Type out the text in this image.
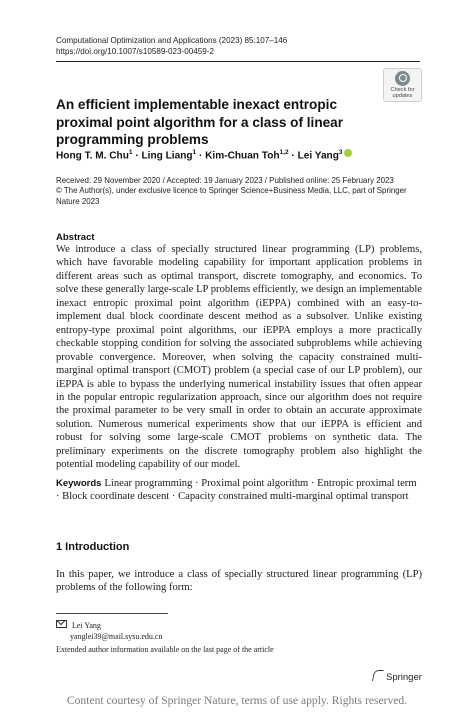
Computational Optimization and Applications (2023) 85:107–146
https://doi.org/10.1007/s10589-023-00459-2
Check for
updates
An efficient implementable inexact entropic proximal point algorithm for a class of linear programming problems
Hong T. M. Chu$^1$ · Ling Liang$^1$ · Kim-Chuan Toh$^{1,2}$ · Lei Yang$^3$

Received: 29 November 2020 / Accepted: 19 January 2023 / Published online: 25 February 2023

© The Author(s), under exclusive licence to Springer Science+Business Media, LLC, part of Springer Nature 2023

Abstract

We introduce a class of specially structured linear programming (LP) problems, which have favorable modeling capability for important application problems in different areas such as optimal transport, discrete tomography, and economics. To solve these generally large-scale LP problems efficiently, we design an implementable inexact entropic proximal point algorithm (iEPPA) combined with an easy-to-implement dual block coordinate descent method as a subsolver. Unlike existing entropy-type proximal point algorithms, our iEPPA employs a more practically checkable stopping condition for solving the associated subproblems while achieving provable convergence. Moreover, when solving the capacity constrained multi-marginal optimal transport (CMOT) problem (a special case of our LP problem), our iEPPA is able to bypass the underlying numerical instability issues that often appear in the popular entropic regularization approach, since our algorithm does not require the proximal parameter to be very small in order to obtain an accurate approximate solution. Numerous numerical experiments show that our iEPPA is efficient and robust for solving some large-scale CMOT problems on synthetic data. The preliminary experiments on the discrete tomography problem also highlight the potential modeling capability of our model.

Keywords Linear programming · Proximal point algorithm · Entropic proximal term · Block coordinate descent · Capacity constrained multi-marginal optimal transport

1 Introduction

In this paper, we introduce a class of specially structured linear programming (LP) problems of the following form:

Lei Yang
yanglei39@mail.sysu.edu.cn
Extended author information available on the last page of the article
Springer
Content courtesy of Springer Nature, terms of use apply. Rights reserved.
